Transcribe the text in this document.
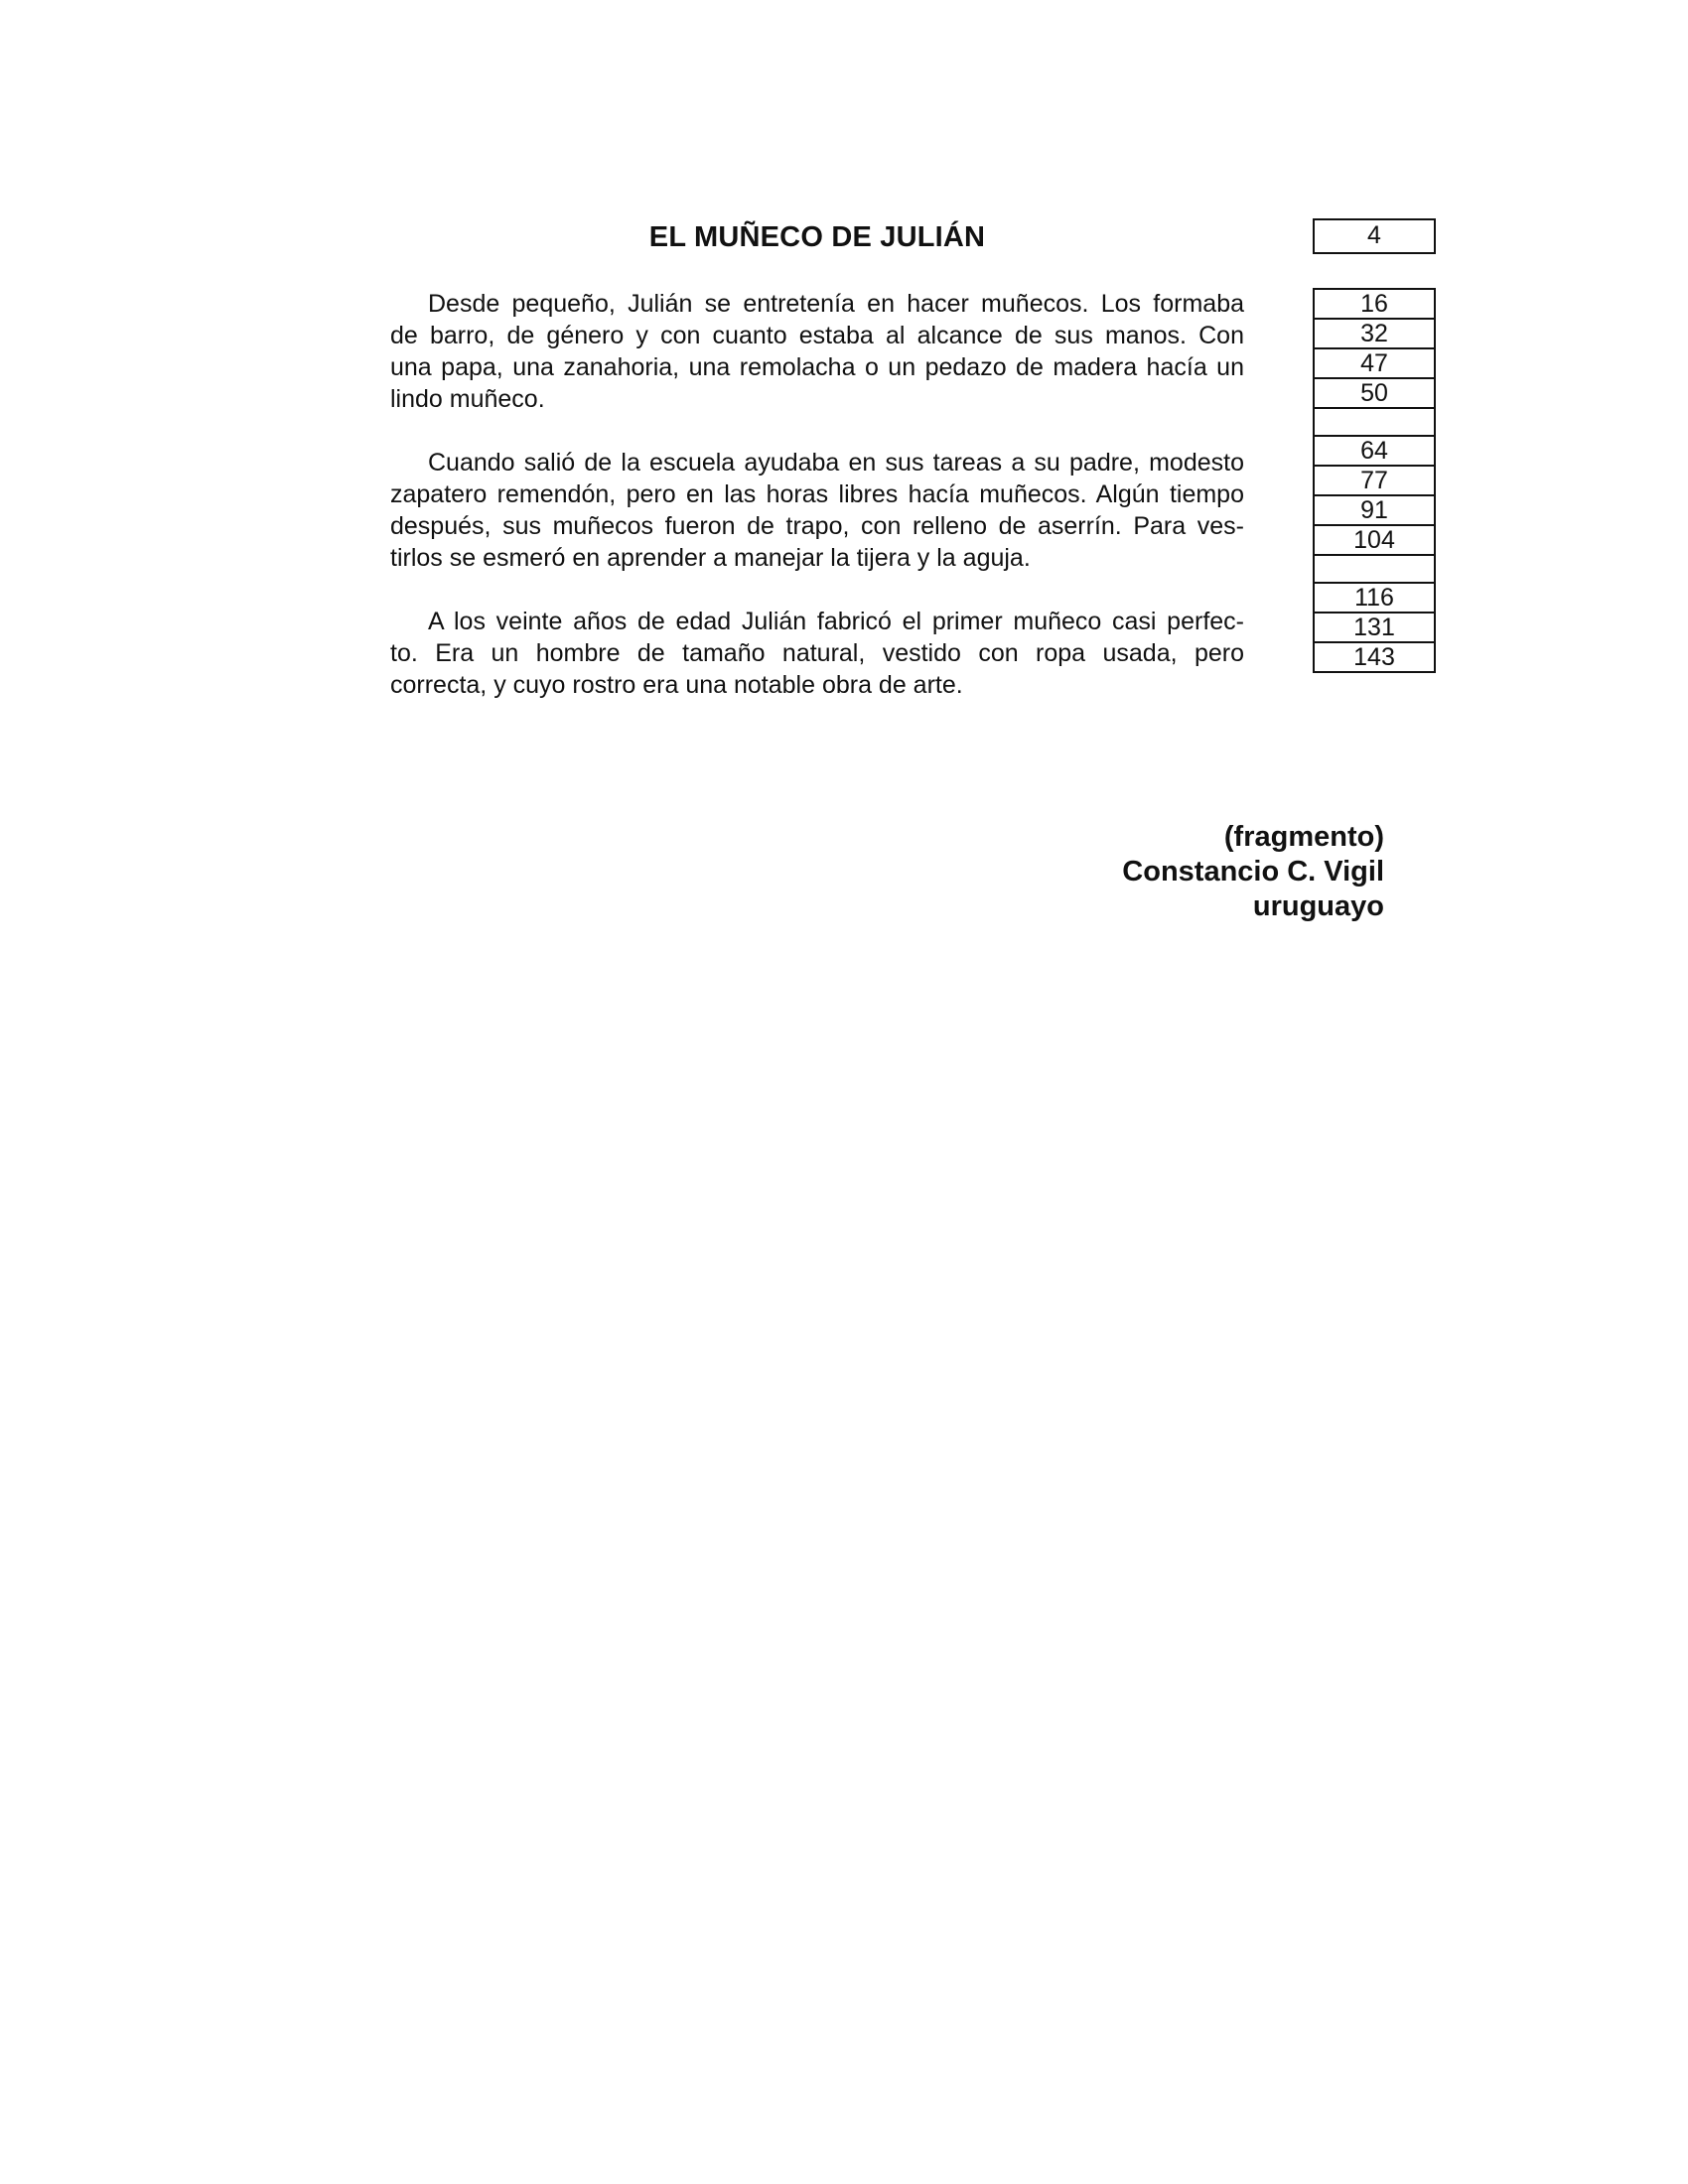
EL MUÑECO DE JULIÁN	4
Desde pequeño, Julián se entretenía en hacer muñecos. Los formaba
de barro, de género y con cuanto estaba al alcance de sus manos. Con
una papa, una zanahoria, una remolacha o un pedazo de madera hacía un
lindo muñeco.
Cuando salió de la escuela ayudaba en sus tareas a su padre, modesto
zapatero remendón, pero en las horas libres hacía muñecos. Algún tiempo
después, sus muñecos fueron de trapo, con relleno de aserrín. Para ves-
tirlos se esmeró en aprender a manejar la tijera y la aguja.
A los veinte años de edad Julián fabricó el primer muñeco casi perfec-
to. Era un hombre de tamaño natural, vestido con ropa usada, pero
correcta, y cuyo rostro era una notable obra de arte.
16
32
47
50

64
77
91
104

116
131
143
(fragmento)
Constancio C. Vigil
uruguayo
